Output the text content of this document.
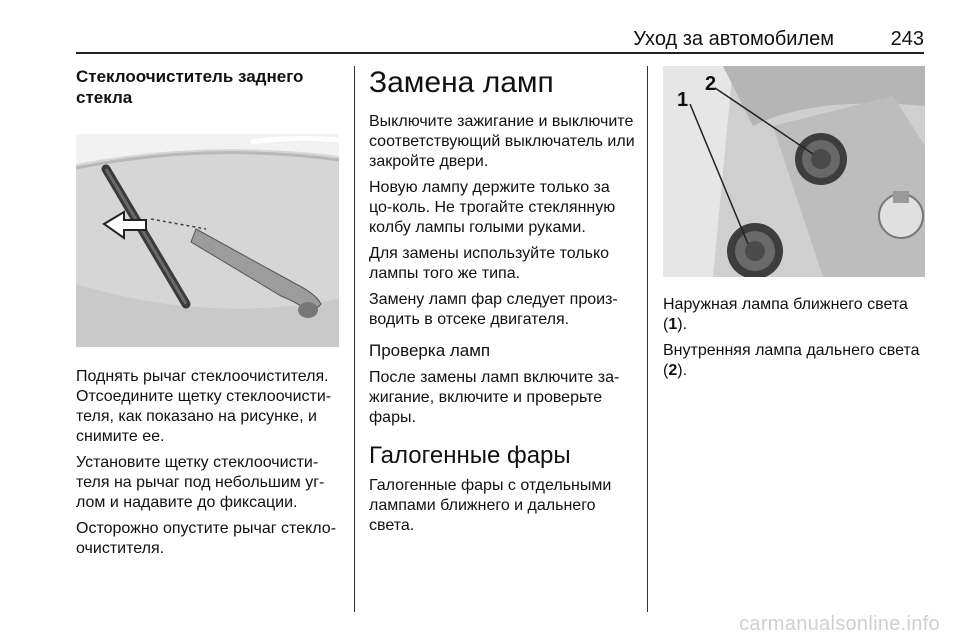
Уход за автомобилем	243
Стеклоочиститель заднего
стекла

Поднять рычаг стеклоочистителя. Отсоедините щетку стеклоочисти-теля, как показано на рисунке, и снимите ее.

Установите щетку стеклоочисти-теля на рычаг под небольшим уг-лом и надавите до фиксации.

Осторожно опустите рычаг стекло-очистителя.

Замена ламп

Выключите зажигание и выключите соответствующий выключатель или закройте двери.

Новую лампу держите только за цо-коль. Не трогайте стеклянную колбу лампы голыми руками.

Для замены используйте только лампы того же типа.

Замену ламп фар следует произ-водить в отсеке двигателя.

Проверка ламп

После замены ламп включите за-жигание, включите и проверьте фары.

Галогенные фары

Галогенные фары с отдельными лампами ближнего и дальнего света.

1
2

Наружная лампа ближнего света
(1).

Внутренняя лампа дальнего света
(2).

carmanualsonline.info
